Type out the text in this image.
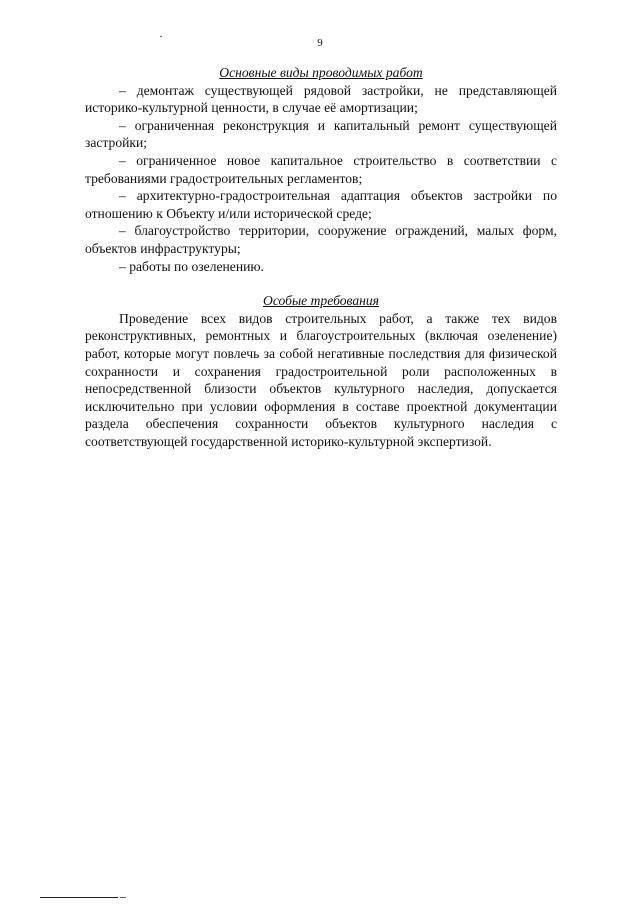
9

Основные виды проводимых работ

– демонтаж существующей рядовой застройки, не представляющей историко-культурной ценности, в случае её амортизации;

– ограниченная реконструкция и капитальный ремонт существующей застройки;

– ограниченное новое капитальное строительство в соответствии с требованиями градостроительных регламентов;

– архитектурно-градостроительная адаптация объектов застройки по отношению к Объекту и/или исторической среде;

– благоустройство территории, сооружение ограждений, малых форм, объектов инфраструктуры;

– работы по озеленению.

Особые требования

Проведение всех видов строительных работ, а также тех видов реконструктивных, ремонтных и благоустроительных (включая озеленение) работ, которые могут повлечь за собой негативные последствия для физической сохранности и сохранения градостроительной роли расположенных в непосредственной близости объектов культурного наследия, допускается исключительно при условии оформления в составе проектной документации раздела обеспечения сохранности объектов культурного наследия с соответствующей государственной историко-культурной экспертизой.
